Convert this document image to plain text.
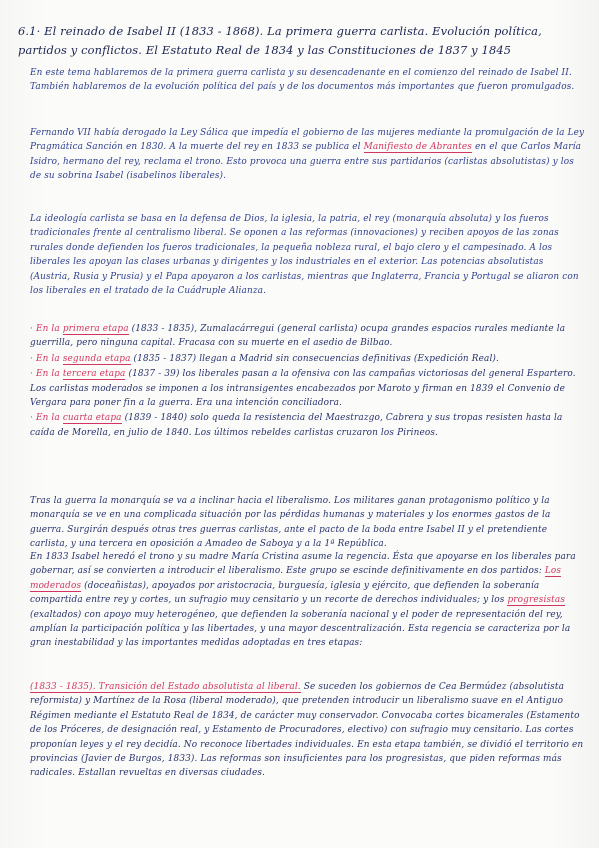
6.1· El reinado de Isabel II (1833 - 1868). La primera guerra carlista. Evolución política, partidos y conflictos. El Estatuto Real de 1834 y las Constituciones de 1837 y 1845

En este tema hablaremos de la primera guerra carlista y su desencadenante en el comienzo del reinado de Isabel II. También hablaremos de la evolución política del país y de los documentos más importantes que fueron promulgados.

Fernando VII había derogado la Ley Sálica que impedía el gobierno de las mujeres mediante la promulgación de la Ley Pragmática Sanción en 1830. A la muerte del rey en 1833 se publica el Manifiesto de Abrantes en el que Carlos María Isidro, hermano del rey, reclama el trono. Esto provoca una guerra entre sus partidarios (carlistas absolutistas) y los de su sobrina Isabel (isabelinos liberales).

La ideología carlista se basa en la defensa de Dios, la iglesia, la patria, el rey (monarquía absoluta) y los fueros tradicionales frente al centralismo liberal. Se oponen a las reformas (innovaciones) y reciben apoyos de las zonas rurales donde defienden los fueros tradicionales, la pequeña nobleza rural, el bajo clero y el campesinado. A los liberales les apoyan las clases urbanas y dirigentes y los industriales en el exterior. Las potencias absolutistas (Austria, Rusia y Prusia) y el Papa apoyaron a los carlistas, mientras que Inglaterra, Francia y Portugal se aliaron con los liberales en el tratado de la Cuádruple Alianza.

· En la primera etapa (1833 - 1835), Zumalacárregui (general carlista) ocupa grandes espacios rurales mediante la guerrilla, pero ninguna capital. Fracasa con su muerte en el asedio de Bilbao.

· En la segunda etapa (1835 - 1837) llegan a Madrid sin consecuencias definitivas (Expedición Real).

· En la tercera etapa (1837 - 39) los liberales pasan a la ofensiva con las campañas victoriosas del general Espartero. Los carlistas moderados se imponen a los intransigentes encabezados por Maroto y firman en 1839 el Convenio de Vergara para poner fin a la guerra. Era una intención conciliadora.

· En la cuarta etapa (1839 - 1840) solo queda la resistencia del Maestrazgo, Cabrera y sus tropas resisten hasta la caída de Morella, en julio de 1840. Los últimos rebeldes carlistas cruzaron los Pirineos.

Tras la guerra la monarquía se va a inclinar hacia el liberalismo. Los militares ganan protagonismo político y la monarquía se ve en una complicada situación por las pérdidas humanas y materiales y los enormes gastos de la guerra. Surgirán después otras tres guerras carlistas, ante el pacto de la boda entre Isabel II y el pretendiente carlista, y una tercera en oposición a Amadeo de Saboya y a la 1ª República.

En 1833 Isabel heredó el trono y su madre María Cristina asume la regencia. Ésta que apoyarse en los liberales para gobernar, así se convierten a introducir el liberalismo. Este grupo se escinde definitivamente en dos partidos: Los moderados (doceañistas), apoyados por aristocracia, burguesía, iglesia y ejército, que defienden la soberanía compartida entre rey y cortes, un sufragio muy censitario y un recorte de derechos individuales; y los progresistas (exaltados) con apoyo muy heterogéneo, que defienden la soberanía nacional y el poder de representación del rey, amplían la participación política y las libertades, y una mayor descentralización. Esta regencia se caracteriza por la gran inestabilidad y las importantes medidas adoptadas en tres etapas:

(1833 - 1835). Transición del Estado absolutista al liberal. Se suceden los gobiernos de Cea Bermúdez (absolutista reformista) y Martínez de la Rosa (liberal moderado), que pretenden introducir un liberalismo suave en el Antiguo Régimen mediante el Estatuto Real de 1834, de carácter muy conservador. Convocaba cortes bicamerales (Estamento de los Próceres, de designación real, y Estamento de Procuradores, electivo) con sufragio muy censitario. Las cortes proponían leyes y el rey decidía. No reconoce libertades individuales. En esta etapa también, se dividió el territorio en provincias (Javier de Burgos, 1833). Las reformas son insuficientes para los progresistas, que piden reformas más radicales. Estallan revueltas en diversas ciudades.
